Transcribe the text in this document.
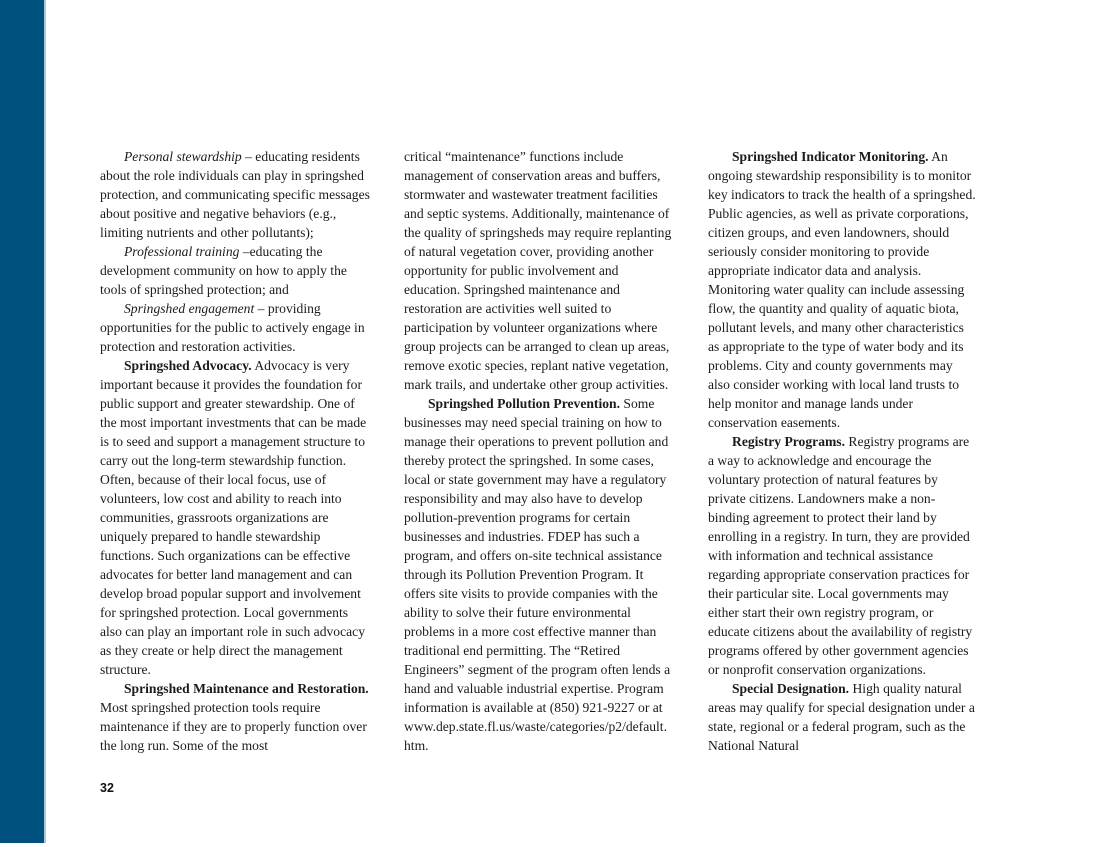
Personal stewardship – educating residents about the role individuals can play in springshed protection, and communicating specific messages about positive and negative behaviors (e.g., limiting nutrients and other pollutants);

Professional training –educating the development community on how to apply the tools of springshed protection; and

Springshed engagement – providing opportunities for the public to actively engage in protection and restoration activities.

Springshed Advocacy. Advocacy is very important because it provides the foundation for public support and greater stewardship. One of the most important investments that can be made is to seed and support a management structure to carry out the long-term stewardship function. Often, because of their local focus, use of volunteers, low cost and ability to reach into communities, grassroots organizations are uniquely prepared to handle stewardship functions. Such organizations can be effective advocates for better land management and can develop broad popular support and involvement for springshed protection. Local governments also can play an important role in such advocacy as they create or help direct the management structure.

Springshed Maintenance and Restoration. Most springshed protection tools require maintenance if they are to properly function over the long run. Some of the most

critical “maintenance” functions include management of conservation areas and buffers, stormwater and wastewater treatment facilities and septic systems. Additionally, maintenance of the quality of springsheds may require replanting of natural vegetation cover, providing another opportunity for public involvement and education. Springshed maintenance and restoration are activities well suited to participation by volunteer organizations where group projects can be arranged to clean up areas, remove exotic species, replant native vegetation, mark trails, and undertake other group activities.

Springshed Pollution Prevention. Some businesses may need special training on how to manage their operations to prevent pollution and thereby protect the springshed. In some cases, local or state government may have a regulatory responsibility and may also have to develop pollution-prevention programs for certain businesses and industries. FDEP has such a program, and offers on-site technical assistance through its Pollution Prevention Program. It offers site visits to provide companies with the ability to solve their future environmental problems in a more cost effective manner than traditional end permitting. The “Retired Engineers” segment of the program often lends a hand and valuable industrial expertise. Program information is available at (850) 921-9227 or at www.dep.state.fl.us/waste/categories/p2/default.htm.

Springshed Indicator Monitoring. An ongoing stewardship responsibility is to monitor key indicators to track the health of a springshed. Public agencies, as well as private corporations, citizen groups, and even landowners, should seriously consider monitoring to provide appropriate indicator data and analysis. Monitoring water quality can include assessing flow, the quantity and quality of aquatic biota, pollutant levels, and many other characteristics as appropriate to the type of water body and its problems. City and county governments may also consider working with local land trusts to help monitor and manage lands under conservation easements.

Registry Programs. Registry programs are a way to acknowledge and encourage the voluntary protection of natural features by private citizens. Landowners make a non-binding agreement to protect their land by enrolling in a registry. In turn, they are provided with information and technical assistance regarding appropriate conservation practices for their particular site. Local governments may either start their own registry program, or educate citizens about the availability of registry programs offered by other government agencies or nonprofit conservation organizations.

Special Designation. High quality natural areas may qualify for special designation under a state, regional or a federal program, such as the National Natural

32
